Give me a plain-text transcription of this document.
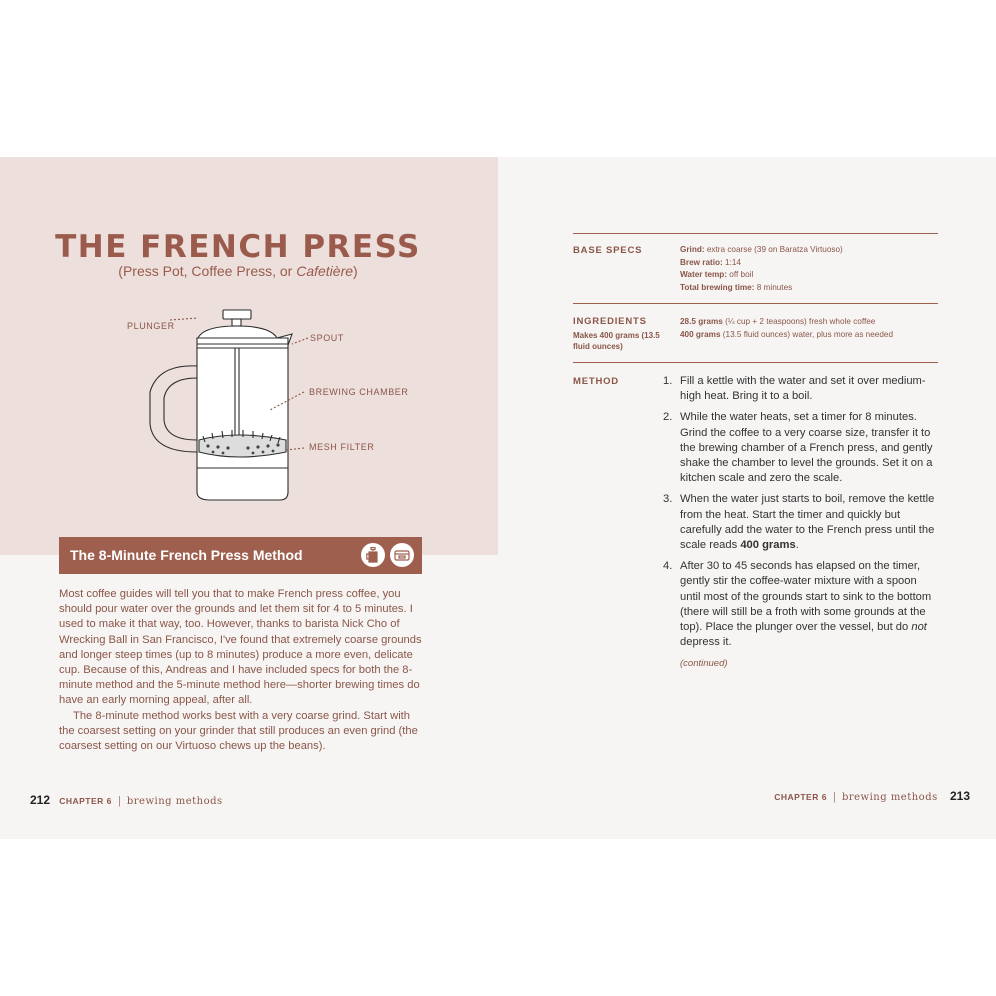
THE FRENCH PRESS
(Press Pot, Coffee Press, or Cafetière)
PLUNGER
SPOUT
BREWING CHAMBER
MESH FILTER
The 8-Minute French Press Method

Most coffee guides will tell you that to make French press coffee, you should pour water over the grounds and let them sit for 4 to 5 minutes. I used to make it that way, too. However, thanks to barista Nick Cho of Wrecking Ball in San Francisco, I've found that extremely coarse grounds and longer steep times (up to 8 minutes) produce a more even, delicate cup. Because of this, Andreas and I have included specs for both the 8-minute method and the 5-minute method here—shorter brewing times do have an early morning appeal, after all.

The 8-minute method works best with a very coarse grind. Start with the coarsest setting on your grinder that still produces an even grind (the coarsest setting on our Virtuoso chews up the beans).

212 CHAPTER 6 | brewing methods
BASE SPECS	Grind: extra coarse (39 on Baratza Virtuoso)
Brew ratio: 1:14
Water temp: off boil
Total brewing time: 8 minutes
INGREDIENTS
Makes 400 grams (13.5 fluid ounces)
28.5 grams (¼ cup + 2 teaspoons) fresh whole coffee
400 grams (13.5 fluid ounces) water, plus more as needed
METHOD	1. Fill a kettle with the water and set it over medium-high heat. Bring it to a boil.
2. While the water heats, set a timer for 8 minutes. Grind the coffee to a very coarse size, transfer it to the brewing chamber of a French press, and gently shake the chamber to level the grounds. Set it on a kitchen scale and zero the scale.
3. When the water just starts to boil, remove the kettle from the heat. Start the timer and quickly but carefully add the water to the French press until the scale reads 400 grams.
4. After 30 to 45 seconds has elapsed on the timer, gently stir the coffee-water mixture with a spoon until most of the grounds start to sink to the bottom (there will still be a froth with some grounds at the top). Place the plunger over the vessel, but do not depress it.
(continued)
CHAPTER 6 | brewing methods 213
